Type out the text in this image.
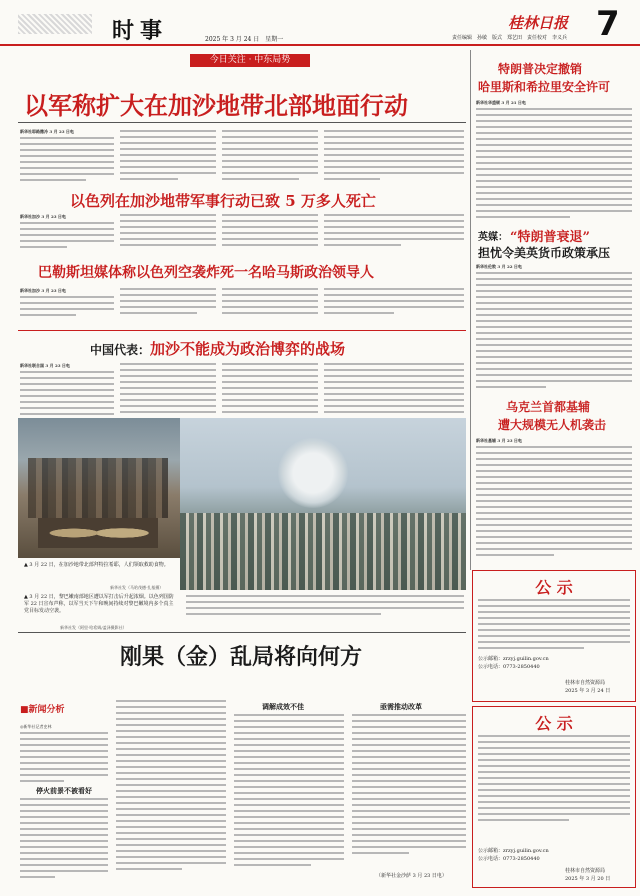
时事	2025 年 3 月 24 日　星期一	责任编辑　孙敏　版式　郑艺田　责任校对　李义兵
桂林日报 7
今日关注 · 中东局势
以军称扩大在加沙地带北部地面行动
新华社耶路撒冷 3 月 23 日电
以色列在加沙地带军事行动已致 5 万多人死亡
新华社加沙 3 月 23 日电
巴勒斯坦媒体称以色列空袭炸死一名哈马斯政治领导人
新华社加沙 3 月 23 日电
中国代表：加沙不能成为政治博弈的战场
新华社联合国 3 月 23 日电
▲ 3 月 22 日，在加沙地带北部拜特拉希耶，人们领取救助食物。
新华社发（马哈茂德·扎基摄）
▲ 3 月 22 日，黎巴嫩南部地区遭以军打击后升起浓烟。以色列国防军 22 日宣布声称，以军当天下午和晚间持续对黎巴嫩境内多个真主党目标发动空袭。
新华社发（阿里·哈希姆/盖泽摄影社）
特朗普决定撤销
哈里斯和希拉里安全许可
新华社华盛顿 3 月 21 日电
英媒： “特朗普衰退”
担忧令美英货币政策承压
新华社伦敦 3 月 22 日电
乌克兰首都基辅
遭大规模无人机袭击
新华社基辅 3 月 23 日电
公 示
公示邮箱：zrzyj.guilin.gov.cn
公示电话：0773-2850440
桂林市自然资源局
2025 年 3 月 24 日
公 示
公示邮箱：zrzyj.guilin.gov.cn
公示电话：0773-2850440
桂林市自然资源局
2025 年 3 月 20 日
刚果（金）乱局将向何方
■新闻分析
◎新华社记者史林
停火前景不被看好
调解成效不佳	亟需推动改革
（新华社金沙萨 3 月 23 日电）
